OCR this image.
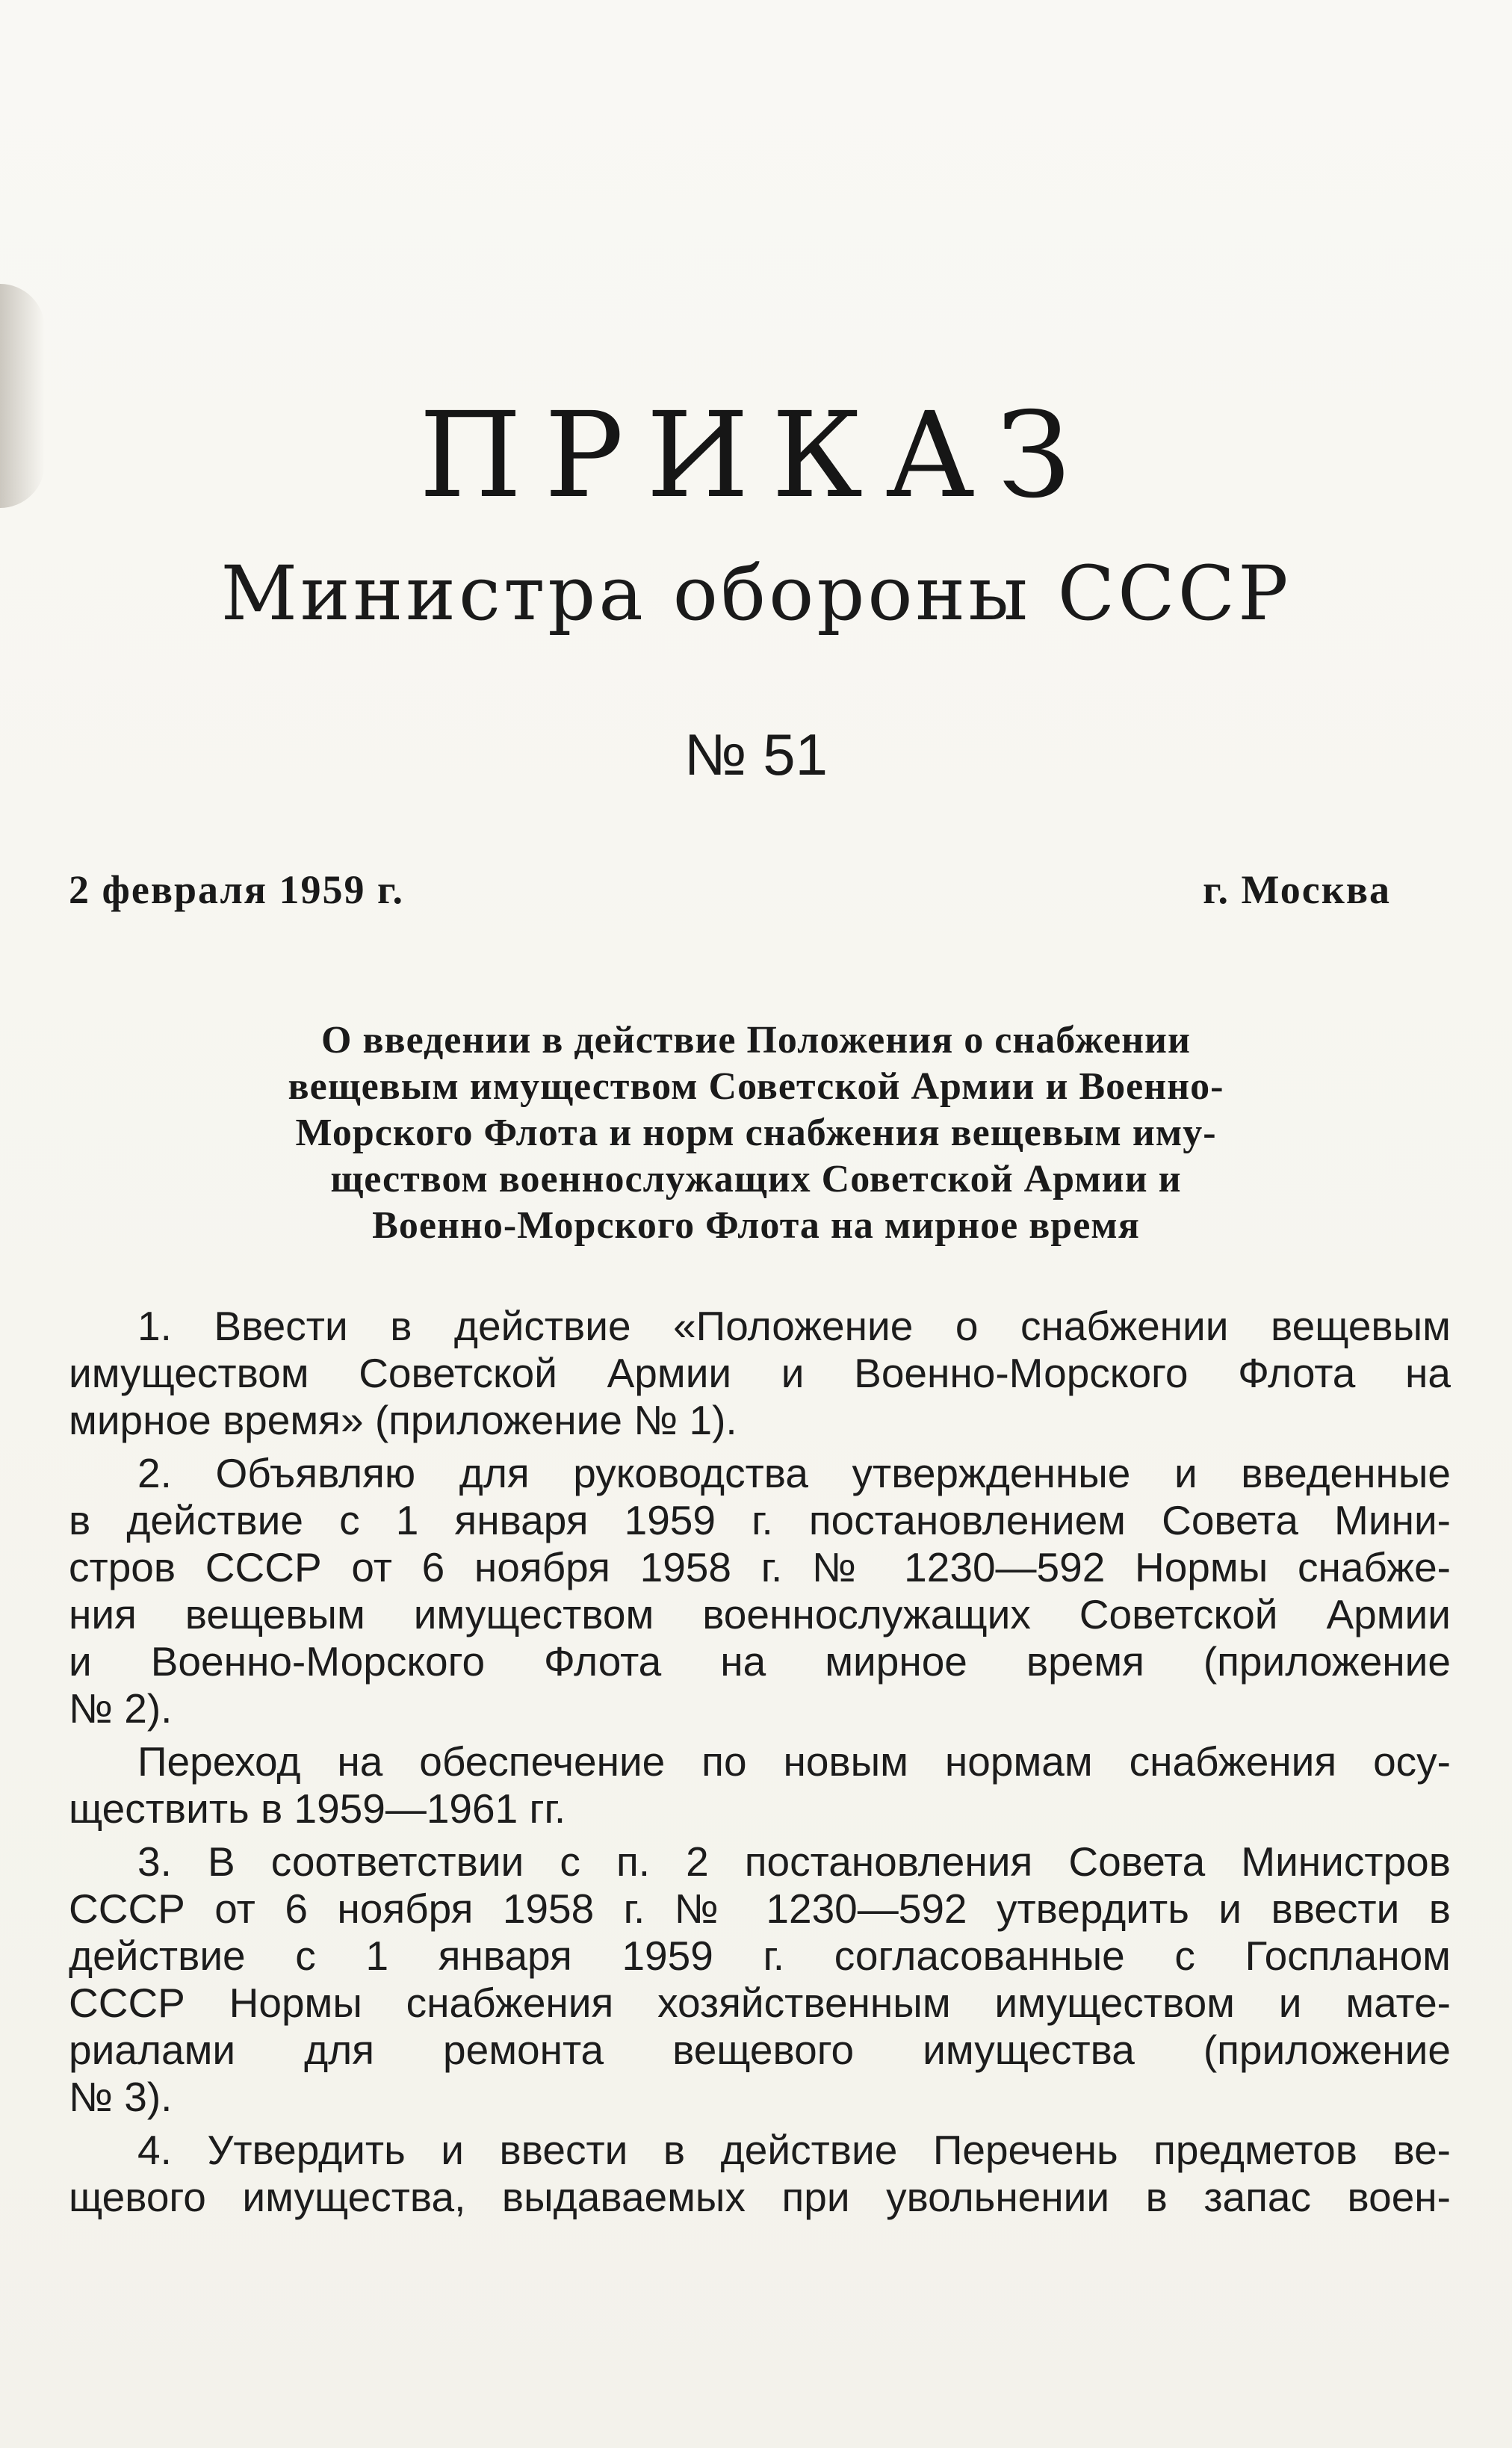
ПРИКАЗ
Министра обороны СССР
№ 51
2 февраля 1959 г.	г. Москва
О введении в действие Положения о снабжении
вещевым имуществом Советской Армии и Военно-
Морского Флота и норм снабжения вещевым иму-
ществом военнослужащих Советской Армии и
Военно-Морского Флота на мирное время
1. Ввести в действие «Положение о снабжении вещевым
имуществом Советской Армии и Военно-Морского Флота на
мирное время» (приложение № 1).
2. Объявляю для руководства утвержденные и введенные
в действие с 1 января 1959 г. постановлением Совета Мини-
стров СССР от 6 ноября 1958 г. № 1230—592 Нормы снабже-
ния вещевым имуществом военнослужащих Советской Армии
и Военно-Морского Флота на мирное время (приложение
№ 2).
Переход на обеспечение по новым нормам снабжения осу-
ществить в 1959—1961 гг.
3. В соответствии с п. 2 постановления Совета Министров
СССР от 6 ноября 1958 г. № 1230—592 утвердить и ввести в
действие с 1 января 1959 г. согласованные с Госпланом
СССР Нормы снабжения хозяйственным имуществом и мате-
риалами для ремонта вещевого имущества (приложение
№ 3).
4. Утвердить и ввести в действие Перечень предметов ве-
щевого имущества, выдаваемых при увольнении в запас воен-
